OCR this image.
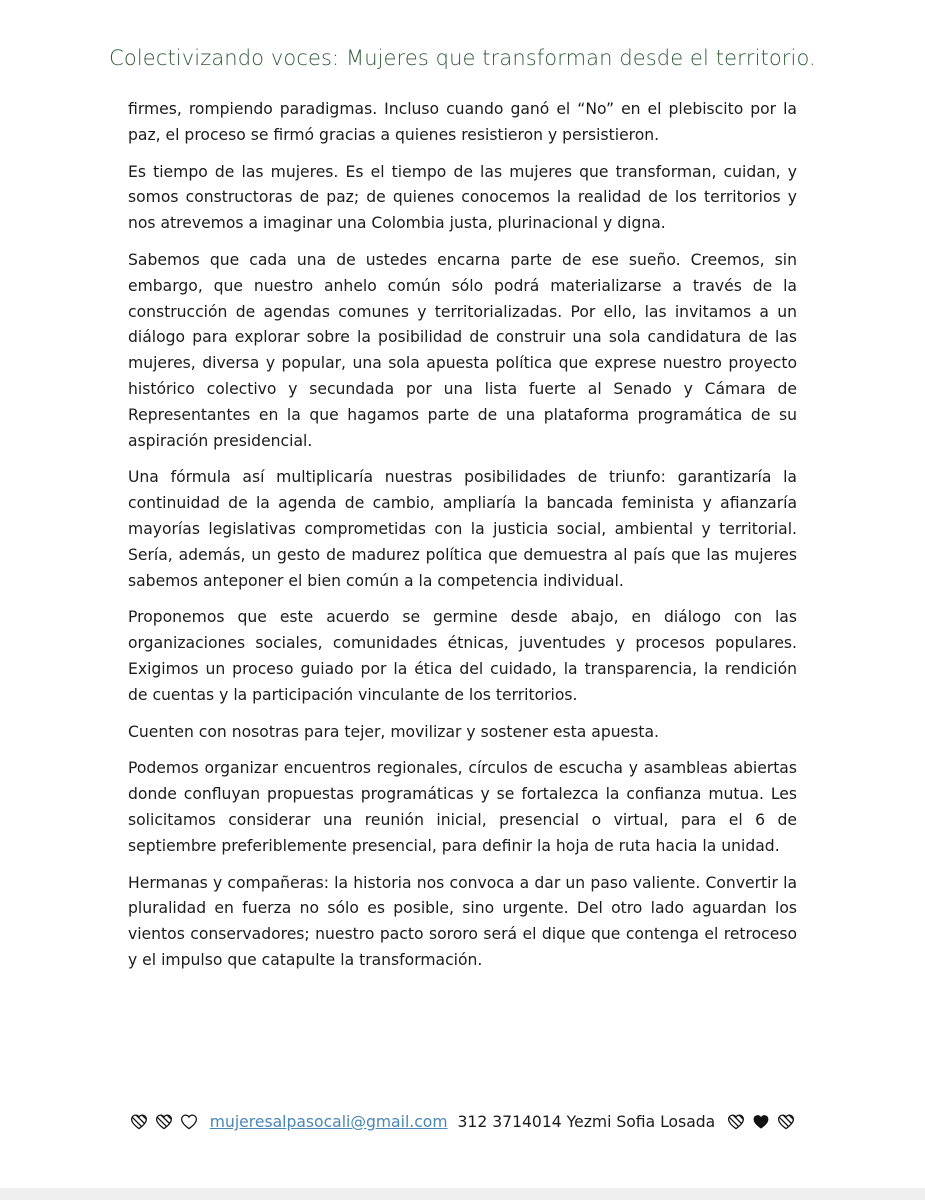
Colectivizando voces: Mujeres que transforman desde el territorio.

firmes, rompiendo paradigmas. Incluso cuando ganó el “No” en el plebiscito por la paz, el proceso se firmó gracias a quienes resistieron y persistieron.

Es tiempo de las mujeres. Es el tiempo de las mujeres que transforman, cuidan, y somos constructoras de paz; de quienes conocemos la realidad de los territorios y nos atrevemos a imaginar una Colombia justa, plurinacional y digna.

Sabemos que cada una de ustedes encarna parte de ese sueño. Creemos, sin embargo, que nuestro anhelo común sólo podrá materializarse a través de la construcción de agendas comunes y territorializadas. Por ello, las invitamos a un diálogo para explorar sobre la posibilidad de construir una sola candidatura de las mujeres, diversa y popular, una sola apuesta política que exprese nuestro proyecto histórico colectivo y secundada por una lista fuerte al Senado y Cámara de Representantes en la que hagamos parte de una plataforma programática de su aspiración presidencial.

Una fórmula así multiplicaría nuestras posibilidades de triunfo: garantizaría la continuidad de la agenda de cambio, ampliaría la bancada feminista y afianzaría mayorías legislativas comprometidas con la justicia social, ambiental y territorial. Sería, además, un gesto de madurez política que demuestra al país que las mujeres sabemos anteponer el bien común a la competencia individual.

Proponemos que este acuerdo se germine desde abajo, en diálogo con las organizaciones sociales, comunidades étnicas, juventudes y procesos populares. Exigimos un proceso guiado por la ética del cuidado, la transparencia, la rendición de cuentas y la participación vinculante de los territorios.

Cuenten con nosotras para tejer, movilizar y sostener esta apuesta.

Podemos organizar encuentros regionales, círculos de escucha y asambleas abiertas donde confluyan propuestas programáticas y se fortalezca la confianza mutua. Les solicitamos considerar una reunión inicial, presencial o virtual, para el 6 de septiembre preferiblemente presencial, para definir la hoja de ruta hacia la unidad.

Hermanas y compañeras: la historia nos convoca a dar un paso valiente. Convertir la pluralidad en fuerza no sólo es posible, sino urgente. Del otro lado aguardan los vientos conservadores; nuestro pacto sororo será el dique que contenga el retroceso y el impulso que catapulte la transformación.

mujeresalpasocali@gmail.com 312 3714014 Yezmi Sofia Losada
